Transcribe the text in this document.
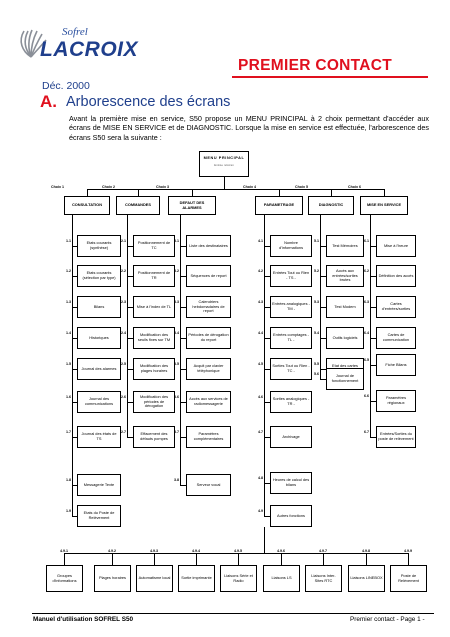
Sofrel
LACROIX
Déc. 2000
PREMIER CONTACT
A. Arborescence des écrans
Avant la première mise en service, S50 propose un MENU PRINCIPAL à 2 choix permettant d'accéder aux écrans de MISE EN SERVICE et de DIAGNOSTIC. Lorsque la mise en service est effectuée, l'arborescence des écrans S50 sera la suivante :
MENU PRINCIPAL
Entrée n/écran
Choix 1
CONSULTATION
Choix 2
COMMANDES
Choix 3
DEFAUT DES ALARMES
Choix 4
PARAMETRAGE
Choix 5
DIAGNOSTIC
Choix 6
MISE EN SERVICE
1.1	Etats courants (synthèse)
1.2	Etats courants (sélection par type)
1.3
Bilans
1.4
Historiques
1.5
Journal des alarmes
1.6	Journal des communications
1.7	Journal des états de TS
1.8
Messagerie Texte
1.9	Etats du Poste de Relèvement
2.1	Positionnement de TC
2.2	Positionnement de TR
2.3
Mise à l'index de TL
2.4	Modification des seuils fixes sur TM
2.5	Modification des plages horaires
2.6	Modification des périodes de dérogation
2.7	Effacement des défauts pompes
3.1
Liste des destinataires
3.2
Séquences de report
3.3	Calendriers hebdomadaires de report
3.4	Périodes de dérogation du report
3.5	Acquit par clavier téléphonique
3.6	Accès aux services de radiomessagerie
3.7	Paramètres complémentaires
3.8
Serveur vocal
4.1	Nombre d'informations
4.2	Entrées Tout ou Rien - TS -
4.3	Entrées analogiques - TM -
4.4	Entrées comptages - TL -
4.5	Sorties Tout ou Rien - TC -
4.6	Sorties analogiques - TR -
4.7
Archivage
4.8	Heures de calcul des bilans
4.9
Autres fonctions
5.1
Test Mémoires
5.2	Accès aux entrées/sorties brutes
5.3
Test Modem
5.4
Outils logiciels
5.5	Etat des cartes
5.6	Journal de fonctionnement
6.1
Mise à l'heure
6.2
Définition des accès
6.3	Cartes d'entrées/sorties
6.4	Cartes de communication
6.5
Fiche Bilans
6.6	Paramètres régionaux
6.7	Entrées/Sorties du poste de relèvement
4.9.1
Groupes d'informations
4.9.2
Plages horaires
4.9.3
Automatisme local
4.9.4
Sortie imprimante
4.9.5
Liaisons Série et Radio
4.9.6
Liaisons LS
4.9.7
Liaisons Inter-Sites RTC
4.9.8
Liaisons LINEBOX
4.9.9
Poste de Relèvement
Manuel d'utilisation SOFREL S50	Premier contact - Page 1 -
